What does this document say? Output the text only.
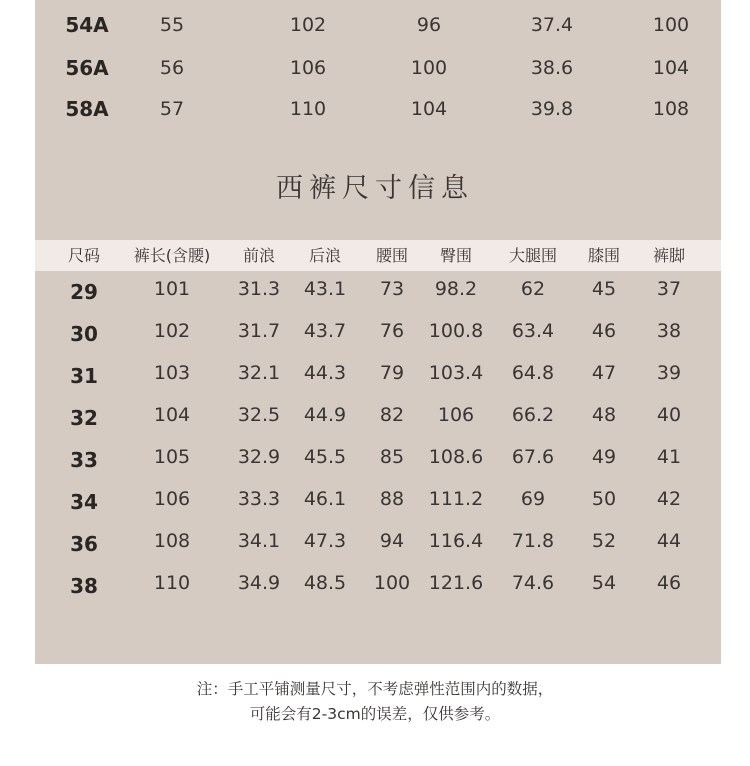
54A	55	102	96	37.4	100
56A	56	106	100	38.6	104
58A	57	110	104	39.8	108
西裤尺寸信息
尺码 裤长(含腰) 前浪 后浪 腰围 臀围 大腿围 膝围 裤脚
29	101	31.3 43.1 73 98.2 62 45 37
30	102	31.7 43.7 76 100.8 63.4 46 38
31	103	32.1 44.3 79 103.4 64.8 47 39
32	104	32.5 44.9 82 106 66.2 48 40
33	105	32.9 45.5 85 108.6 67.6 49 41
34	106	33.3 46.1 88 111.2 69 50 42
36	108	34.1 47.3 94 116.4 71.8 52 44
38	110	34.9 48.5 100 121.6 74.6 54 46
注：手工平铺测量尺寸，不考虑弹性范围内的数据，
可能会有2-3cm的误差，仅供参考。
